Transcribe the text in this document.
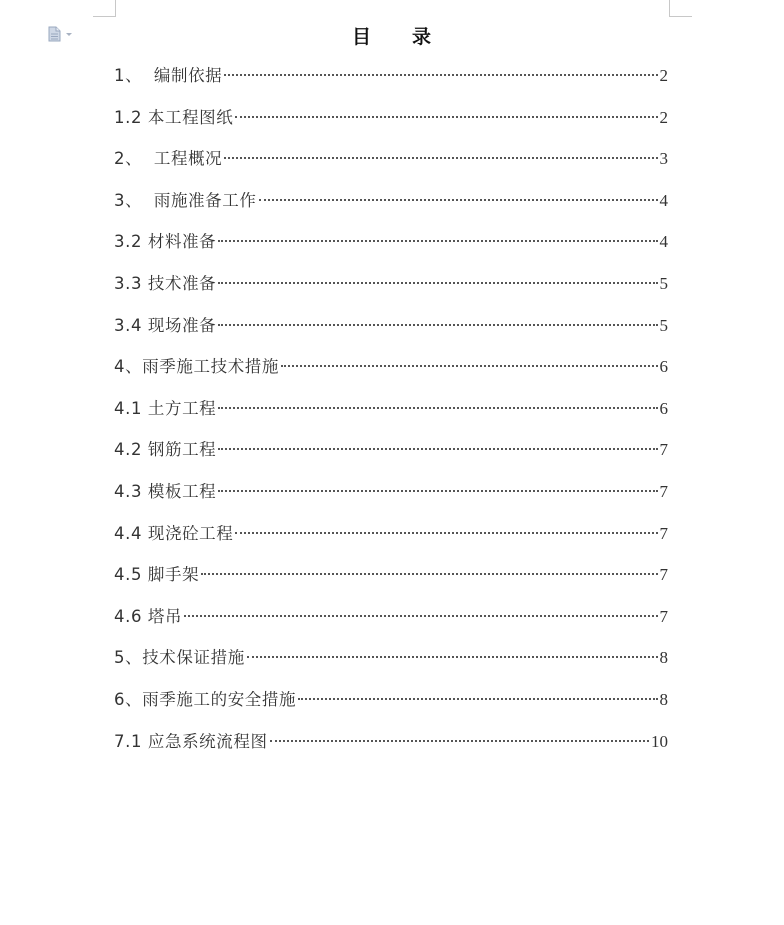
目　　录
1、  编制依据	2
1.2 本工程图纸	2
2、  工程概况	3
3、  雨施准备工作	4
3.2 材料准备	4
3.3 技术准备	5
3.4 现场准备	5
4、雨季施工技术措施	6
4.1 土方工程	6
4.2 钢筋工程	7
4.3 模板工程	7
4.4 现浇砼工程	7
4.5 脚手架	7
4.6 塔吊	7
5、技术保证措施	8
6、雨季施工的安全措施	8
7.1 应急系统流程图	10
